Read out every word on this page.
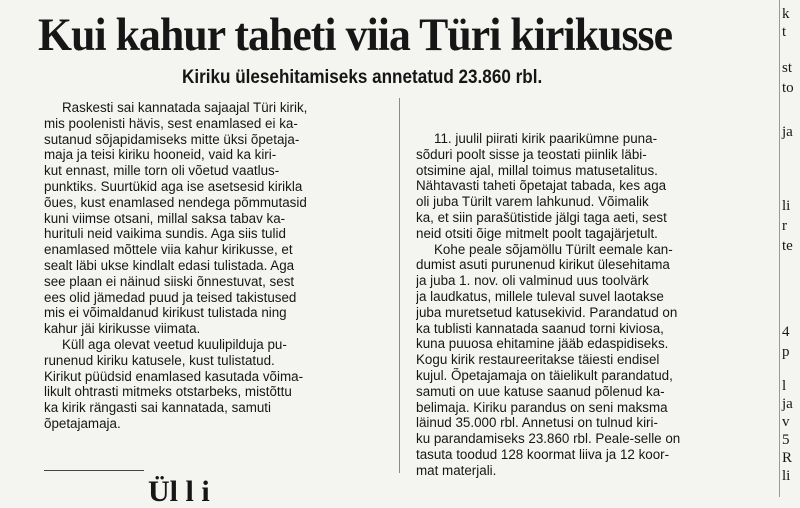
Kui kahur taheti viia Türi kirikusse
Kiriku ülesehitamiseks annetatud 23.860 rbl.
Raskesti sai kannatada sajaajal Türi kirik,
mis poolenisti hävis, sest enamlased ei ka-
sutanud sõjapidamiseks mitte üksi õpetaja-
maja ja teisi kiriku hooneid, vaid ka kiri-
kut ennast, mille torn oli võetud vaatlus-
punktiks. Suurtükid aga ise asetsesid kirikla
õues, kust enamlased nendega põmmutasid
kuni viimse otsani, millal saksa tabav ka-
hurituli neid vaikima sundis. Aga siis tulid
enamlased mõttele viia kahur kirikusse, et
sealt läbi ukse kindlalt edasi tulistada. Aga
see plaan ei näinud siiski õnnestuvat, sest
ees olid jämedad puud ja teised takistused
mis ei võimaldanud kirikust tulistada ning
kahur jäi kirikusse viimata.
Küll aga olevat veetud kuulipilduja pu-
runenud kiriku katusele, kust tulistatud.
Kirikut püüdsid enamlased kasutada võima-
likult ohtrasti mitmeks otstarbeks, mistõttu
ka kirik rängasti sai kannatada, samuti
õpetajamaja.
11. juulil piirati kirik paarikümne puna-
sõduri poolt sisse ja teostati piinlik läbi-
otsimine ajal, millal toimus matusetalitus.
Nähtavasti taheti õpetajat tabada, kes aga
oli juba Türilt varem lahkunud. Võimalik
ka, et siin parašütistide jälgi taga aeti, sest
neid otsiti õige mitmelt poolt tagajärjetult.
Kohe peale sõjamöllu Türilt eemale kan-
dumist asuti purunenud kirikut ülesehitama
ja juba 1. nov. oli valminud uus toolvärk
ja laudkatus, millele tuleval suvel laotakse
juba muretsetud katusekivid. Parandatud on
ka tublisti kannatada saanud torni kiviosa,
kuna puuosa ehitamine jääb edaspidiseks.
Kogu kirik restaureeritakse täiesti endisel
kujul. Õpetajamaja on täielikult parandatud,
samuti on uue katuse saanud põlenud ka-
belimaja. Kiriku parandus on seni maksma
läinud 35.000 rbl. Annetusi on tulnud kiri-
ku parandamiseks 23.860 rbl. Peale-selle on
tasuta toodud 128 koormat liiva ja 12 koor-
mat materjali.
Ül l i
k
t
st
to
ja
li
r
te
4
p
l
ja
v
5
R
li
